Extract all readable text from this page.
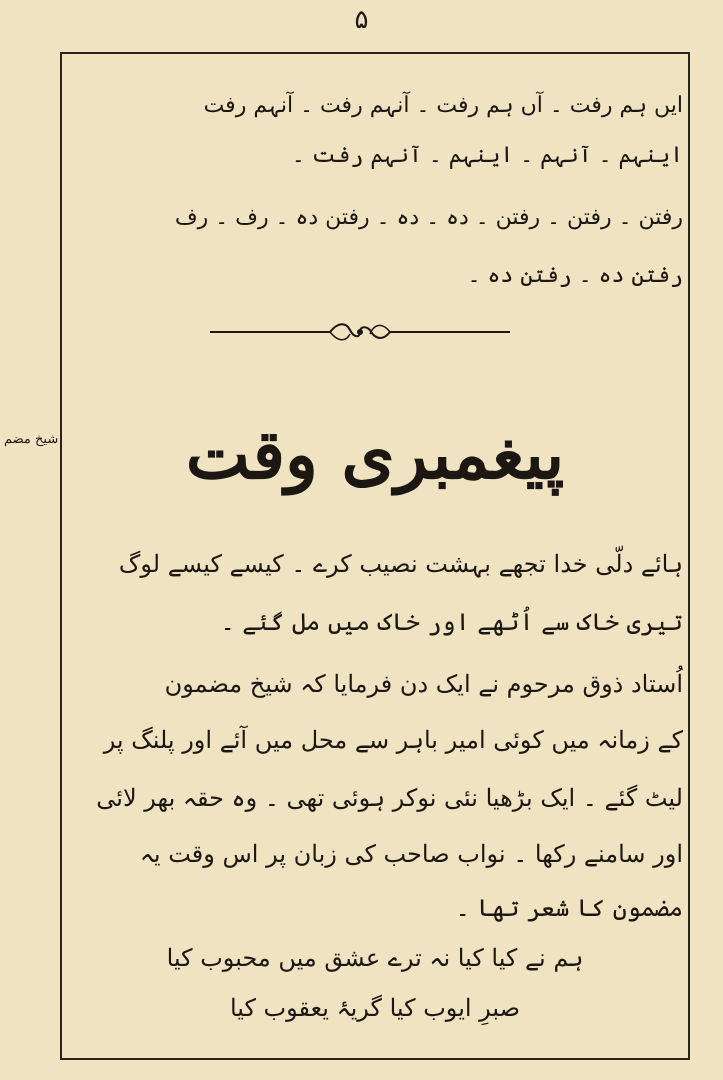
۵
شیخ مضم
ایں ہم رفت ۔ آں ہم رفت ۔ آنہم رفت ۔ آنہم رفت
اینہم ۔ آنہم ۔ اینہم ۔ آنہم رفت ۔
رفتن ۔ رفتن ۔ رفتن ۔ دہ ۔ دہ ۔ رفتن دہ ۔ رف ۔ رف
رفتن دہ ۔ رفتن دہ ۔
پیغمبری وقت
ہائے دلّی خدا تجھے بہشت نصیب کرے ۔ کیسے کیسے لوگ
تیری خاک سے اُٹھے اور خاک میں مل گئے ۔
اُستاد ذوق مرحوم نے ایک دن فرمایا کہ شیخ مضمون
کے زمانہ میں کوئی امیر باہر سے محل میں آئے اور پلنگ پر
لیٹ گئے ۔ ایک بڑھیا نئی نوکر ہوئی تھی ۔ وہ حقہ بھر لائی
اور سامنے رکھا ۔ نواب صاحب کی زبان پر اس وقت یہ
مضمون کا شعر تھا ۔
ہم نے کیا کیا نہ ترے عشق میں محبوب کیا
صبرِ ایوب کیا گریۂ یعقوب کیا
